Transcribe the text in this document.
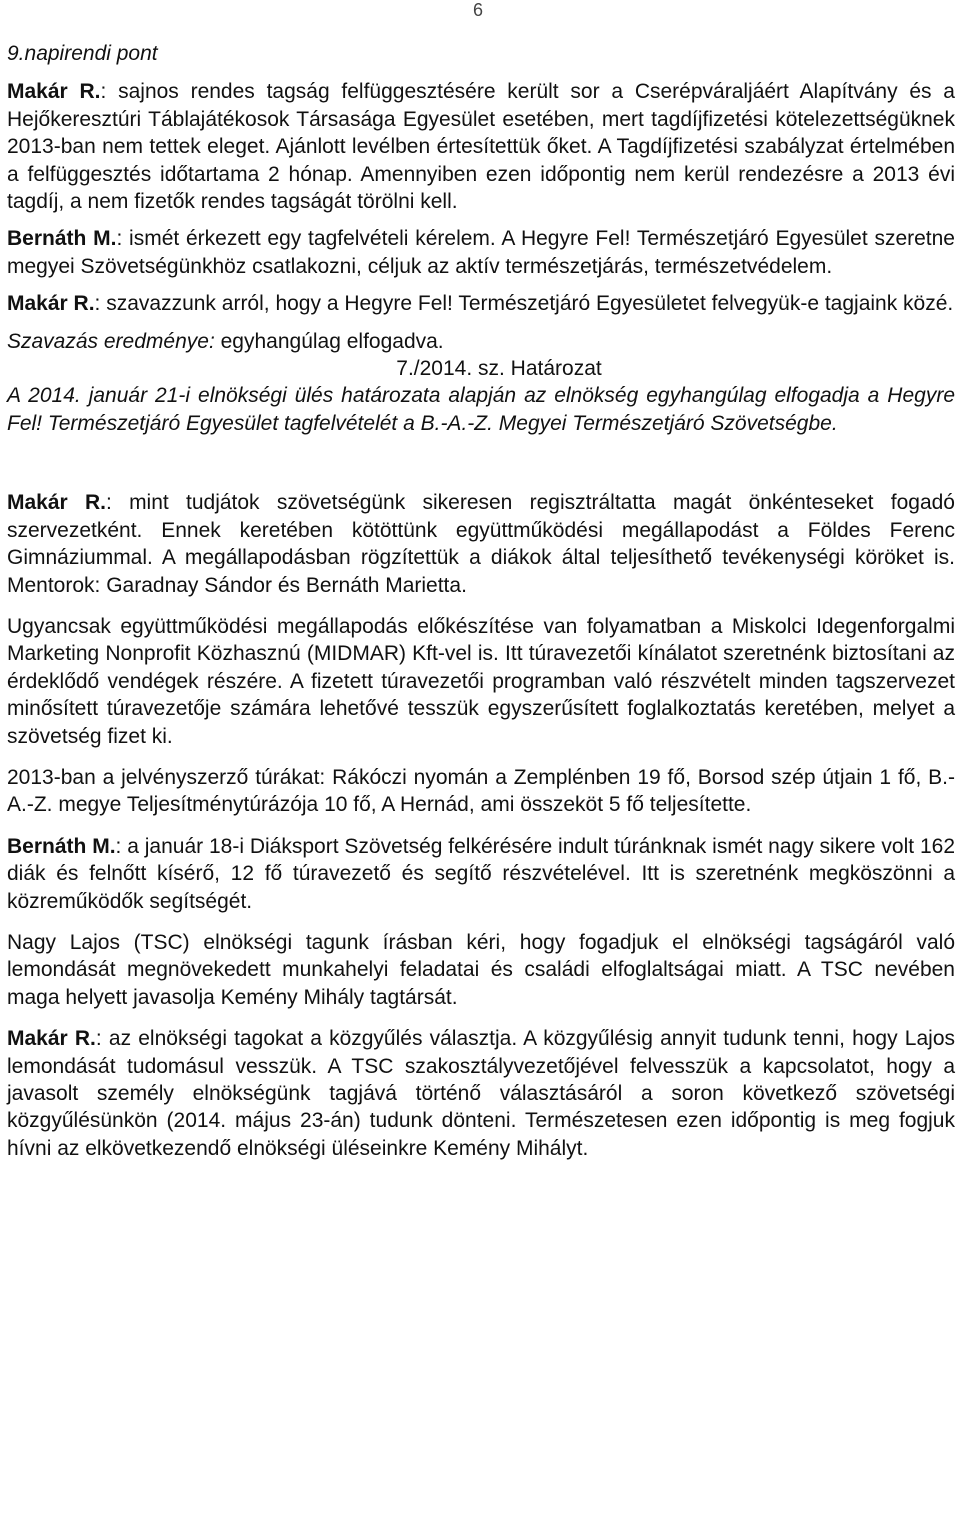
6

9.napirendi pont

Makár R.: sajnos rendes tagság felfüggesztésére került sor a Cserépváraljáért Alapítvány és a Hejőkeresztúri Táblajátékosok Társasága Egyesület esetében, mert tagdíjfizetési kötelezettségüknek 2013-ban nem tettek eleget. Ajánlott levélben értesítettük őket. A Tagdíjfizetési szabályzat értelmében a felfüggesztés időtartama 2 hónap. Amennyiben ezen időpontig nem kerül rendezésre a 2013 évi tagdíj, a nem fizetők rendes tagságát törölni kell.

Bernáth M.: ismét érkezett egy tagfelvételi kérelem. A Hegyre Fel! Természetjáró Egyesület szeretne megyei Szövetségünkhöz csatlakozni, céljuk az aktív természetjárás, természetvédelem.

Makár R.: szavazzunk arról, hogy a Hegyre Fel! Természetjáró Egyesületet felvegyük-e tagjaink közé.

Szavazás eredménye: egyhangúlag elfogadva.

7./2014. sz. Határozat

A 2014. január 21-i elnökségi ülés határozata alapján az elnökség egyhangúlag elfogadja a Hegyre Fel! Természetjáró Egyesület tagfelvételét a B.-A.-Z. Megyei Természetjáró Szövetségbe.

Makár R.: mint tudjátok szövetségünk sikeresen regisztráltatta magát önkénteseket fogadó szervezetként. Ennek keretében kötöttünk együttműködési megállapodást a Földes Ferenc Gimnáziummal. A megállapodásban rögzítettük a diákok által teljesíthető tevékenységi köröket is. Mentorok: Garadnay Sándor és Bernáth Marietta.

Ugyancsak együttműködési megállapodás előkészítése van folyamatban a Miskolci Idegenforgalmi Marketing Nonprofit Közhasznú (MIDMAR) Kft-vel is. Itt túravezetői kínálatot szeretnénk biztosítani az érdeklődő vendégek részére. A fizetett túravezetői programban való részvételt minden tagszervezet minősített túravezetője számára lehetővé tesszük egyszerűsített foglalkoztatás keretében, melyet a szövetség fizet ki.

2013-ban a jelvényszerző túrákat: Rákóczi nyomán a Zemplénben 19 fő, Borsod szép útjain 1 fő, B.-A.-Z. megye Teljesítménytúrázója 10 fő, A Hernád, ami összeköt 5 fő teljesítette.

Bernáth M.: a január 18-i Diáksport Szövetség felkérésére indult túránknak ismét nagy sikere volt 162 diák és felnőtt kísérő, 12 fő túravezető és segítő részvételével. Itt is szeretnénk megköszönni a közreműködők segítségét.

Nagy Lajos (TSC) elnökségi tagunk írásban kéri, hogy fogadjuk el elnökségi tagságáról való lemondását megnövekedett munkahelyi feladatai és családi elfoglaltságai miatt. A TSC nevében maga helyett javasolja Kemény Mihály tagtársát.

Makár R.: az elnökségi tagokat a közgyűlés választja. A közgyűlésig annyit tudunk tenni, hogy Lajos lemondását tudomásul vesszük. A TSC szakosztályvezetőjével felvesszük a kapcsolatot, hogy a javasolt személy elnökségünk tagjává történő választásáról a soron következő szövetségi közgyűlésünkön (2014. május 23-án) tudunk dönteni. Természetesen ezen időpontig is meg fogjuk hívni az elkövetkezendő elnökségi üléseinkre Kemény Mihályt.
